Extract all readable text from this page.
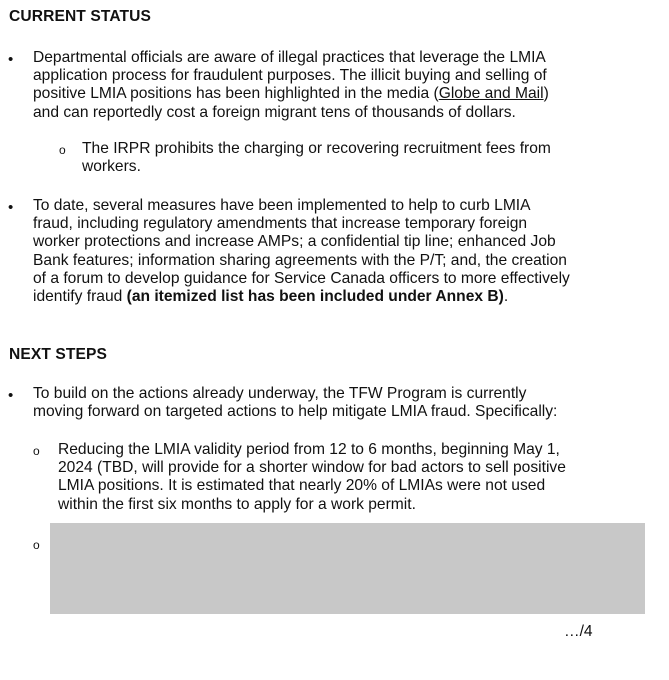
CURRENT STATUS
•	Departmental officials are aware of illegal practices that leverage the LMIA
application process for fraudulent purposes. The illicit buying and selling of
positive LMIA positions has been highlighted in the media (Globe and Mail)
and can reportedly cost a foreign migrant tens of thousands of dollars.
o The IRPR prohibits the charging or recovering recruitment fees from
workers.
•	To date, several measures have been implemented to help to curb LMIA
fraud, including regulatory amendments that increase temporary foreign
worker protections and increase AMPs; a confidential tip line; enhanced Job
Bank features; information sharing agreements with the P/T; and, the creation
of a forum to develop guidance for Service Canada officers to more effectively
identify fraud (an itemized list has been included under Annex B).
NEXT STEPS
•	To build on the actions already underway, the TFW Program is currently
moving forward on targeted actions to help mitigate LMIA fraud. Specifically:
o Reducing the LMIA validity period from 12 to 6 months, beginning May 1,
2024 (TBD, will provide for a shorter window for bad actors to sell positive
LMIA positions. It is estimated that nearly 20% of LMIAs were not used
within the first six months to apply for a work permit.
o
…/4
